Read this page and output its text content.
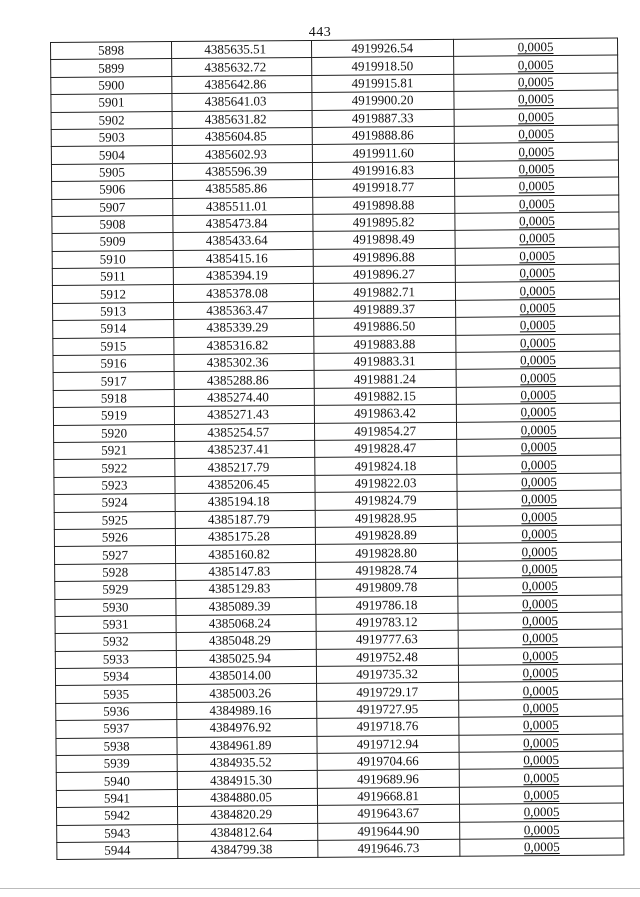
443
5898	4385635.51	4919926.54	0,0005
5899	4385632.72	4919918.50	0,0005
5900	4385642.86	4919915.81	0,0005
5901	4385641.03	4919900.20	0,0005
5902	4385631.82	4919887.33	0,0005
5903	4385604.85	4919888.86	0,0005
5904	4385602.93	4919911.60	0,0005
5905	4385596.39	4919916.83	0,0005
5906	4385585.86	4919918.77	0,0005
5907	4385511.01	4919898.88	0,0005
5908	4385473.84	4919895.82	0,0005
5909	4385433.64	4919898.49	0,0005
5910	4385415.16	4919896.88	0,0005
5911	4385394.19	4919896.27	0,0005
5912	4385378.08	4919882.71	0,0005
5913	4385363.47	4919889.37	0,0005
5914	4385339.29	4919886.50	0,0005
5915	4385316.82	4919883.88	0,0005
5916	4385302.36	4919883.31	0,0005
5917	4385288.86	4919881.24	0,0005
5918	4385274.40	4919882.15	0,0005
5919	4385271.43	4919863.42	0,0005
5920	4385254.57	4919854.27	0,0005
5921	4385237.41	4919828.47	0,0005
5922	4385217.79	4919824.18	0,0005
5923	4385206.45	4919822.03	0,0005
5924	4385194.18	4919824.79	0,0005
5925	4385187.79	4919828.95	0,0005
5926	4385175.28	4919828.89	0,0005
5927	4385160.82	4919828.80	0,0005
5928	4385147.83	4919828.74	0,0005
5929	4385129.83	4919809.78	0,0005
5930	4385089.39	4919786.18	0,0005
5931	4385068.24	4919783.12	0,0005
5932	4385048.29	4919777.63	0,0005
5933	4385025.94	4919752.48	0,0005
5934	4385014.00	4919735.32	0,0005
5935	4385003.26	4919729.17	0,0005
5936	4384989.16	4919727.95	0,0005
5937	4384976.92	4919718.76	0,0005
5938	4384961.89	4919712.94	0,0005
5939	4384935.52	4919704.66	0,0005
5940	4384915.30	4919689.96	0,0005
5941	4384880.05	4919668.81	0,0005
5942	4384820.29	4919643.67	0,0005
5943	4384812.64	4919644.90	0,0005
5944	4384799.38	4919646.73	0,0005
